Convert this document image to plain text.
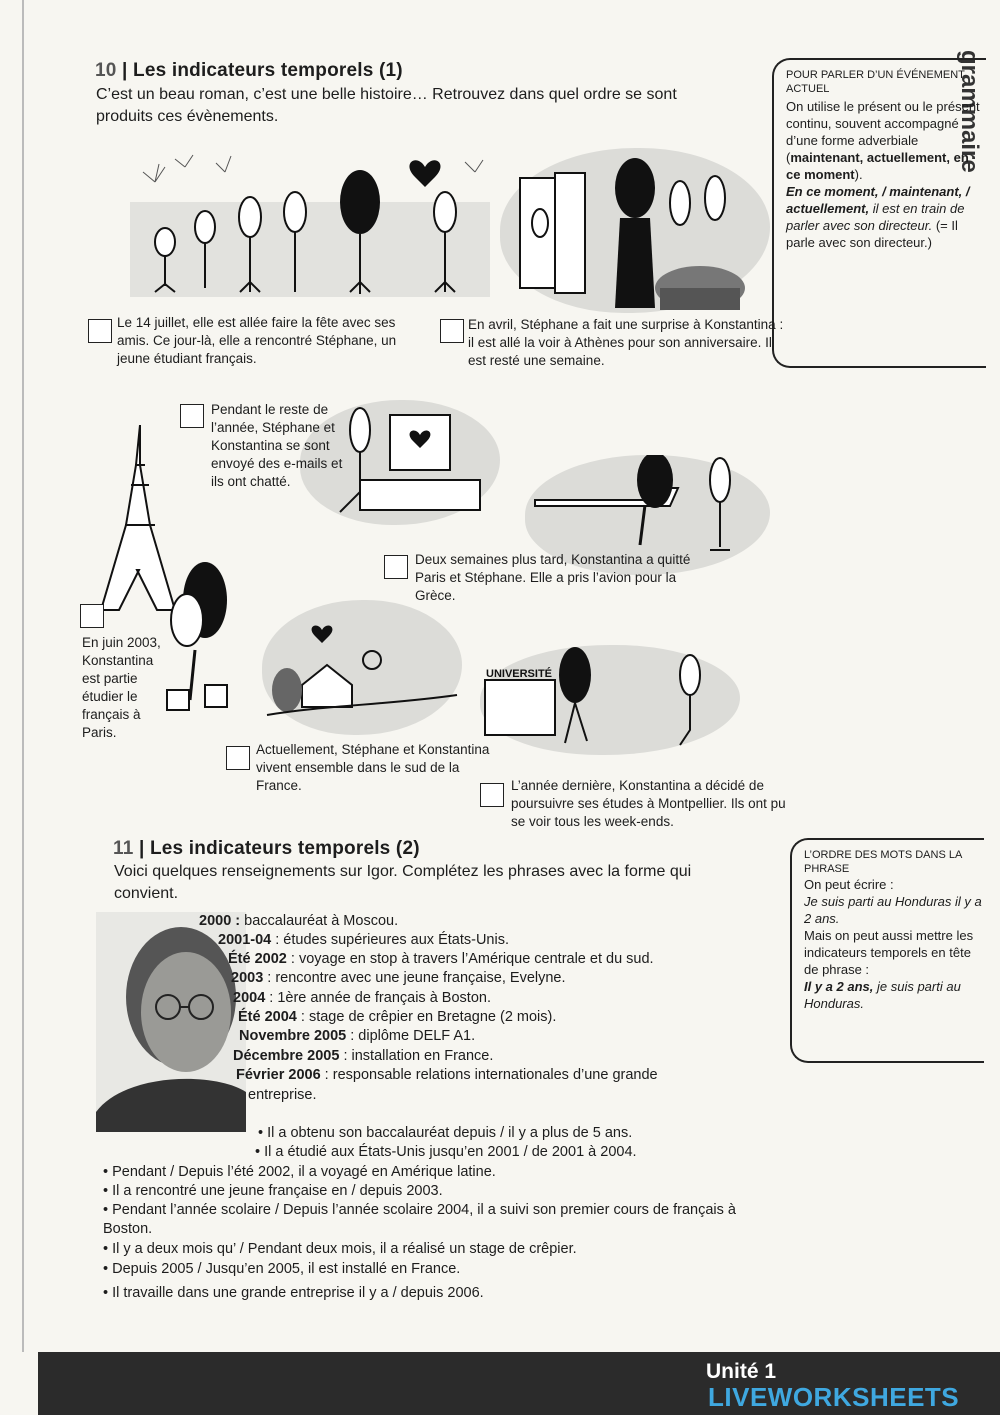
grammaire
10 | Les indicateurs temporels (1)
C’est un beau roman, c’est une belle histoire… Retrouvez dans quel ordre se sont produits ces évènements.
POUR PARLER D’UN ÉVÉNEMENT ACTUEL
On utilise le présent ou le présent continu, souvent accompagné d’une forme adverbiale (maintenant, actuellement, en ce moment).
En ce moment, / maintenant, / actuellement, il est en train de parler avec son directeur. (= Il parle avec son directeur.)
Le 14 juillet, elle est allée faire la fête avec ses amis. Ce jour-là, elle a rencontré Stéphane, un jeune étudiant français.
En avril, Stéphane a fait une surprise à Konstantina : il est allé la voir à Athènes pour son anniversaire. Il est resté une semaine.
Pendant le reste de l’année, Stéphane et Konstantina se sont envoyé des e-mails et ils ont chatté.
Deux semaines plus tard, Konstantina a quitté Paris et Stéphane. Elle a pris l’avion pour la Grèce.
En juin 2003, Konstantina est partie étudier le français à Paris.
UNIVERSITÉ
Actuellement, Stéphane et Konstantina vivent ensemble dans le sud de la France.	L’année dernière, Konstantina a décidé de poursuivre ses études à Montpellier. Ils ont pu se voir tous les week-ends.
11 | Les indicateurs temporels (2)
Voici quelques renseignements sur Igor. Complétez les phrases avec la forme qui convient.
L’ORDRE DES MOTS DANS LA PHRASE
On peut écrire :
Je suis parti au Honduras il y a 2 ans.
Mais on peut aussi mettre les indicateurs temporels en tête de phrase :
Il y a 2 ans, je suis parti au Honduras.
2000 : baccalauréat à Moscou.
2001-04 : études supérieures aux États-Unis.
Été 2002 : voyage en stop à travers l’Amérique centrale et du sud.
2003 : rencontre avec une jeune française, Evelyne.
2004 : 1ère année de français à Boston.
Été 2004 : stage de crêpier en Bretagne (2 mois).
Novembre 2005 : diplôme DELF A1.
Décembre 2005 : installation en France.
Février 2006 : responsable relations internationales d’une grande
entreprise.
• Il a obtenu son baccalauréat depuis / il y a plus de 5 ans.
• Il a étudié aux États-Unis jusqu’en 2001 / de 2001 à 2004.
• Pendant / Depuis l’été 2002, il a voyagé en Amérique latine.
• Il a rencontré une jeune française en / depuis 2003.
• Pendant l’année scolaire / Depuis l’année scolaire 2004, il a suivi son premier cours de français à Boston.
• Il y a deux mois qu’ / Pendant deux mois, il a réalisé un stage de crêpier.
• Depuis 2005 / Jusqu’en 2005, il est installé en France.
• Il travaille dans une grande entreprise il y a / depuis 2006.
Unité 1
LIVEWORKSHEETS
